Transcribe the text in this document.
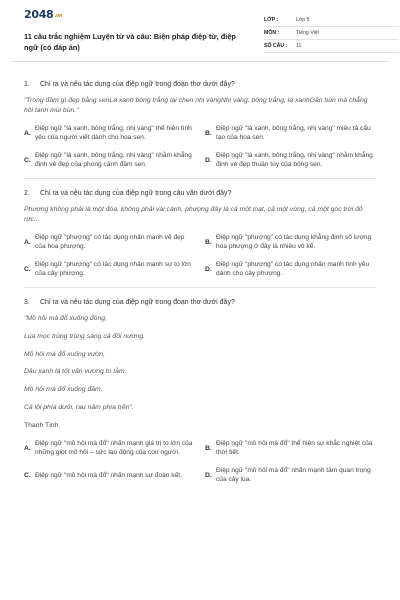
2048.vn
11 câu trắc nghiệm Luyện từ và câu: Biện pháp điệp từ, điệp ngữ (có đáp án)
LỚP :	Lớp 5
MÔN :	Tiếng Việt
SỐ CÂU :	11
1.	Chỉ ra và nêu tác dụng của điệp ngữ trong đoạn thơ dưới đây?
"Trong đầm gì đẹp bằng senLá xanh bông trắng lại chen nhị vàngNhị vàng, bông trắng, lá xanhGần bùn mà chẳng hôi tanh mùi bùn."
A.
Điệp ngữ "lá xanh, bông trắng, nhị vàng" thể hiện tình yêu của người viết dành cho hoa sen.
B.
Điệp ngữ "lá xanh, bông trắng, nhị vàng" miêu tả cấu tạo của hoa sen.
C.
Điệp ngữ "lá xanh, bông trắng, nhị vàng" nhằm khẳng định vẻ đẹp của phong cảnh đầm sen.
D.
Điệp ngữ "lá xanh, bông trắng, nhị vàng" nhằm khẳng định vẻ đẹp thuần túy của bông sen.
2.	Chỉ ra và nêu tác dụng của điệp ngữ trong câu văn dưới đây?
Phượng không phải là một đóa, không phải vài cành, phượng đây là cả một loạt, cả một vùng, cả một góc trời đỏ rực...
A.
Điệp ngữ "phượng" có tác dụng nhấn mạnh vẻ đẹp của hoa phượng.
B.
Điệp ngữ "phượng" có tác dụng khẳng định số lượng hoa phượng ở đây là nhiều vô kể.
C.
Điệp ngữ "phượng" có tác dụng nhấn mạnh sự to lớn của cây phượng.
D.
Điệp ngữ "phượng" có tác dụng nhấn mạnh tình yêu dành cho cây phượng.
3.	Chỉ ra và nêu tác dụng của điệp ngữ trong đoạn thơ dưới đây?
"Mồ hôi mà đổ xuống đồng,
Lúa mọc trùng trùng sáng cả đồi nương.
Mồ hôi mà đổ xuống vườn,
Dâu xanh lá tốt vấn vương to tằm.
Mồ hôi mà đổ xuống đầm,
Cá lội phía dưới, rau năm phía trên".
Thanh Tịnh
A.
Điệp ngữ "mồ hôi mà đổ" nhấn mạnh giá trị to lớn của những giọt mồ hôi – sức lao động của con người.
B.
Điệp ngữ "mồ hôi mà đổ" thể hiện sự khắc nghiệt của thời tiết.
C. Điệp ngữ "mồ hôi mà đổ" nhấn mạnh sự đoàn kết.	D.
Điệp ngữ "mồ hôi mà đổ" nhấn mạnh tâm quan trọng của cây lúa.
